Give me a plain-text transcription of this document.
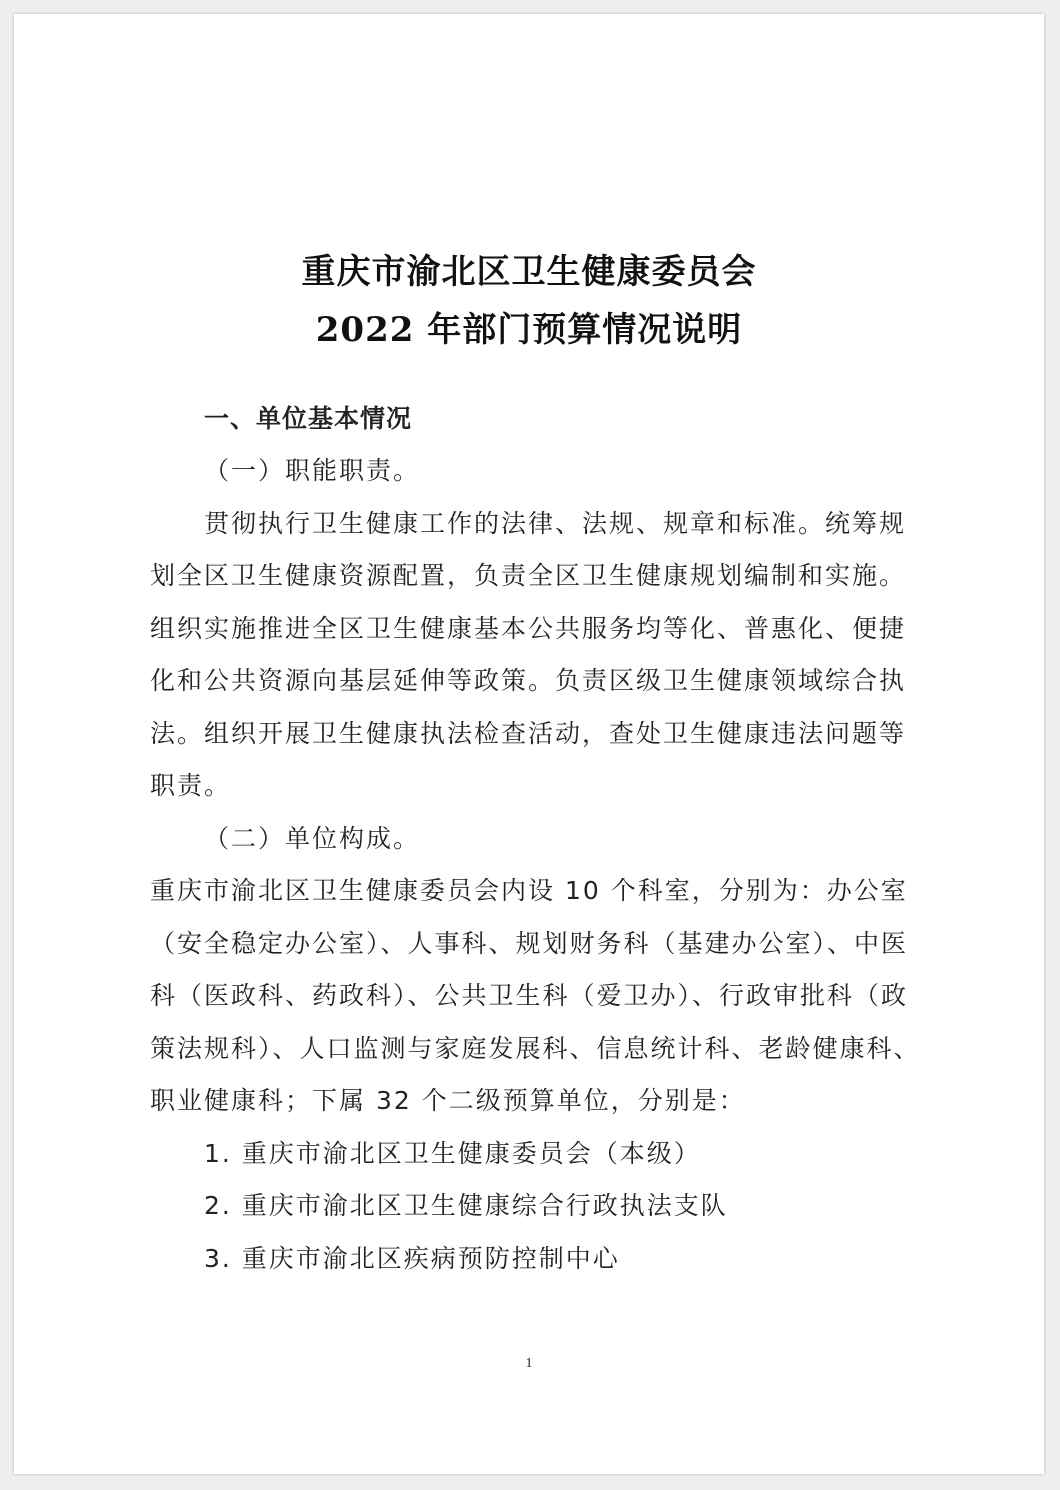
重庆市渝北区卫生健康委员会
2022 年部门预算情况说明
一、单位基本情况
（一）职能职责。
贯彻执行卫生健康工作的法律、法规、规章和标准。统筹规
划全区卫生健康资源配置，负责全区卫生健康规划编制和实施。
组织实施推进全区卫生健康基本公共服务均等化、普惠化、便捷
化和公共资源向基层延伸等政策。负责区级卫生健康领域综合执
法。组织开展卫生健康执法检查活动，查处卫生健康违法问题等
职责。
（二）单位构成。
重庆市渝北区卫生健康委员会内设 10 个科室，分别为：办公室
（安全稳定办公室）、人事科、规划财务科（基建办公室）、中医
科（医政科、药政科）、公共卫生科（爱卫办）、行政审批科（政
策法规科）、人口监测与家庭发展科、信息统计科、老龄健康科、
职业健康科；下属 32 个二级预算单位，分别是：
1. 重庆市渝北区卫生健康委员会（本级）
2. 重庆市渝北区卫生健康综合行政执法支队
3. 重庆市渝北区疾病预防控制中心
1
